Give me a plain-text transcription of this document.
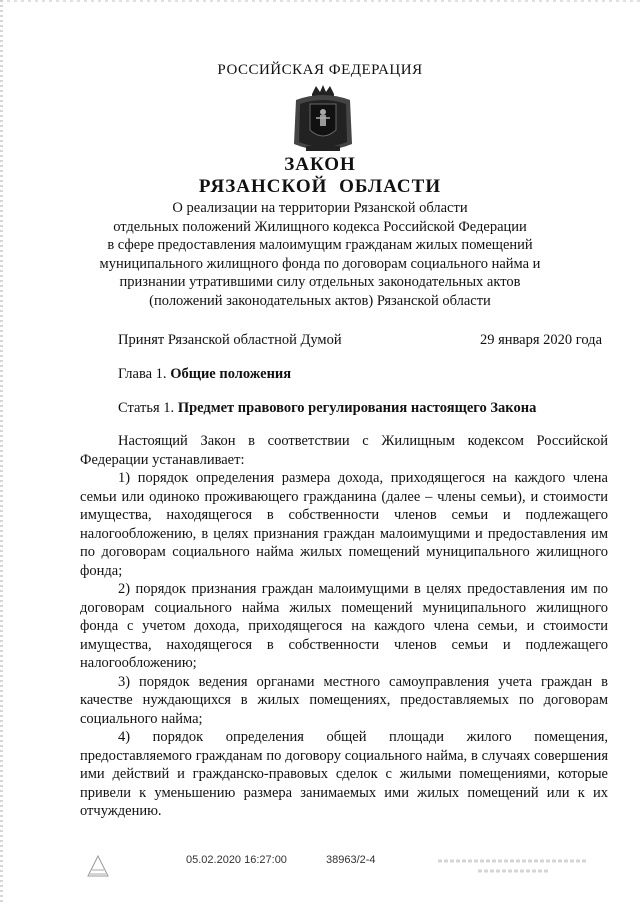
РОССИЙСКАЯ ФЕДЕРАЦИЯ
ЗАКОН
РЯЗАНСКОЙ ОБЛАСТИ
О реализации на территории Рязанской области
отдельных положений Жилищного кодекса Российской Федерации
в сфере предоставления малоимущим гражданам жилых помещений
муниципального жилищного фонда по договорам социального найма и
признании утратившими силу отдельных законодательных актов
(положений законодательных актов) Рязанской области
Принят Рязанской областной Думой	29 января 2020 года
Глава 1. Общие положения
Статья 1. Предмет правового регулирования настоящего Закона

Настоящий Закон в соответствии с Жилищным кодексом Российской Федерации устанавливает:

1) порядок определения размера дохода, приходящегося на каждого члена семьи или одиноко проживающего гражданина (далее – члены семьи), и стоимости имущества, находящегося в собственности членов семьи и подлежащего налогообложению, в целях признания граждан малоимущими и предоставления им по договорам социального найма жилых помещений муниципального жилищного фонда;

2) порядок признания граждан малоимущими в целях предоставления им по договорам социального найма жилых помещений муниципального жилищного фонда с учетом дохода, приходящегося на каждого члена семьи, и стоимости имущества, находящегося в собственности членов семьи и подлежащего налогообложению;

3) порядок ведения органами местного самоуправления учета граждан в качестве нуждающихся в жилых помещениях, предоставляемых по договорам социального найма;

4) порядок определения общей площади жилого помещения, предоставляемого гражданам по договору социального найма, в случаях совершения ими действий и гражданско-правовых сделок с жилыми помещениями, которые привели к уменьшению размера занимаемых ими жилых помещений или к их отчуждению.

05.02.2020 16:27:00	38963/2-4
